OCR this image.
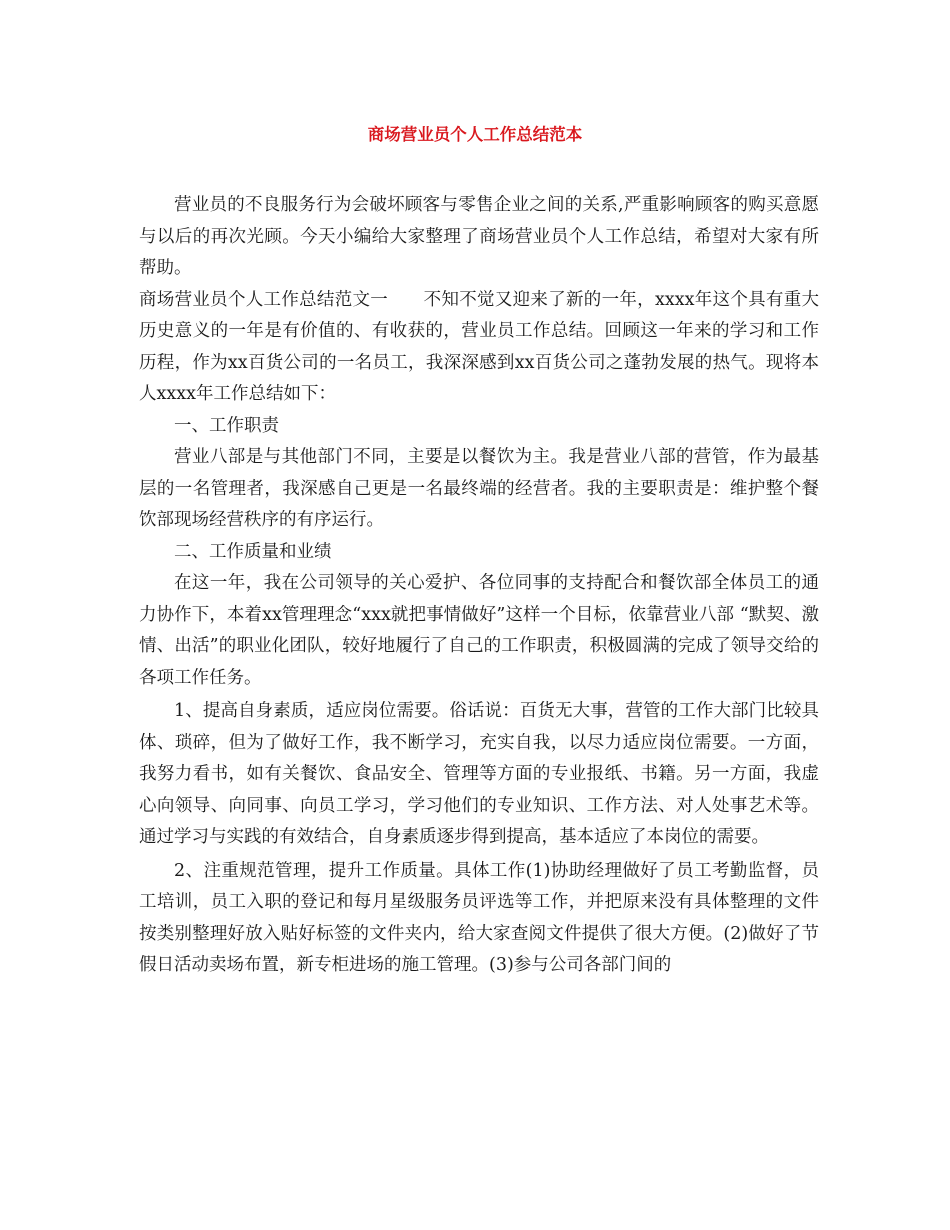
商场营业员个人工作总结范本

营业员的不良服务行为会破坏顾客与零售企业之间的关系,严重影响顾客的购买意愿与以后的再次光顾。今天小编给大家整理了商场营业员个人工作总结，希望对大家有所帮助。

商场营业员个人工作总结范文一　　不知不觉又迎来了新的一年，xxxx年这个具有重大历史意义的一年是有价值的、有收获的，营业员工作总结。回顾这一年来的学习和工作历程，作为xx百货公司的一名员工，我深深感到xx百货公司之蓬勃发展的热气。现将本人xxxx年工作总结如下：

一、工作职责

营业八部是与其他部门不同，主要是以餐饮为主。我是营业八部的营管，作为最基层的一名管理者，我深感自己更是一名最终端的经营者。我的主要职责是：维护整个餐饮部现场经营秩序的有序运行。

二、工作质量和业绩

在这一年，我在公司领导的关心爱护、各位同事的支持配合和餐饮部全体员工的通力协作下，本着xx管理理念“xxx就把事情做好”这样一个目标，依靠营业八部 “默契、激情、出活”的职业化团队，较好地履行了自己的工作职责，积极圆满的完成了领导交给的各项工作任务。

1、提高自身素质，适应岗位需要。俗话说：百货无大事，营管的工作大部门比较具体、琐碎，但为了做好工作，我不断学习，充实自我，以尽力适应岗位需要。一方面，我努力看书，如有关餐饮、食品安全、管理等方面的专业报纸、书籍。另一方面，我虚心向领导、向同事、向员工学习，学习他们的专业知识、工作方法、对人处事艺术等。通过学习与实践的有效结合，自身素质逐步得到提高，基本适应了本岗位的需要。

2、注重规范管理，提升工作质量。具体工作(1)协助经理做好了员工考勤监督，员工培训，员工入职的登记和每月星级服务员评选等工作，并把原来没有具体整理的文件按类别整理好放入贴好标签的文件夹内，给大家查阅文件提供了很大方便。(2)做好了节假日活动卖场布置，新专柜进场的施工管理。(3)参与公司各部门间的
